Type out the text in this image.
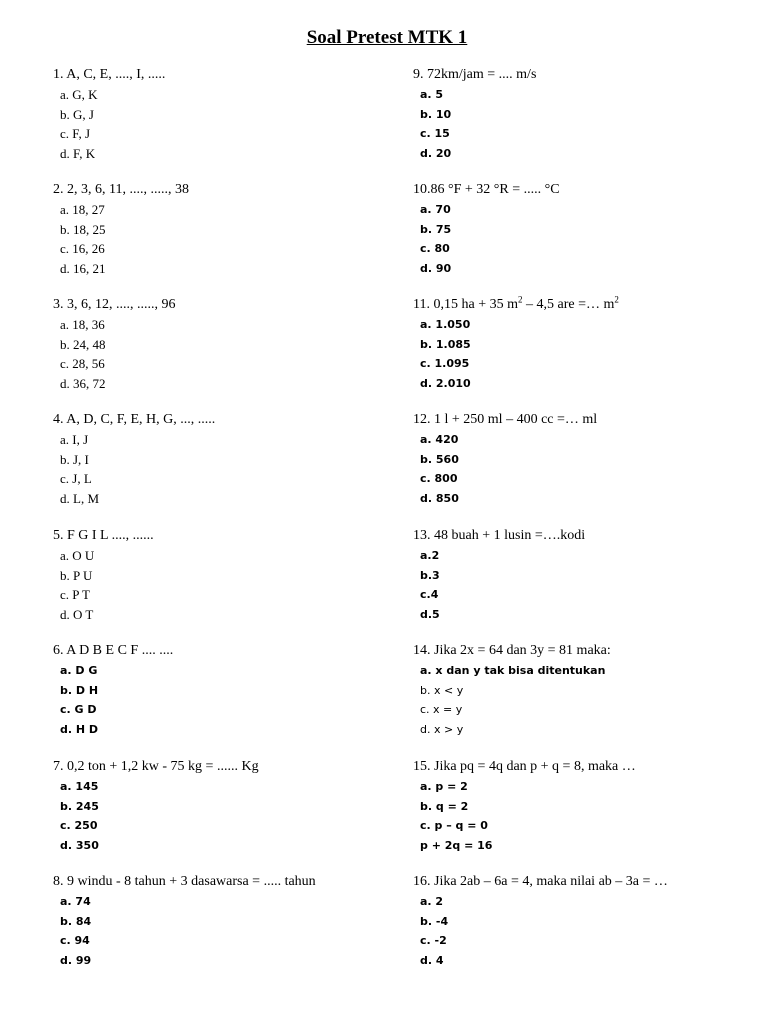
Soal Pretest MTK 1
1. A, C, E, ...., I, .....
a. G, K
b. G, J
c. F, J
d. F, K
2. 2, 3, 6, 11, ...., ....., 38
a. 18, 27
b. 18, 25
c. 16, 26
d. 16, 21
3. 3, 6, 12, ...., ....., 96
a. 18, 36
b. 24, 48
c. 28, 56
d. 36, 72
4. A, D, C, F, E, H, G, ..., .....
a. I, J
b. J, I
c. J, L
d. L, M
5. F G I L ...., ......
a. O U
b. P U
c. P T
d. O T
6. A D B E C F .... ....
a. D G
b. D H
c. G D
d. H D
7. 0,2 ton + 1,2 kw - 75 kg = ...... Kg
a. 145
b. 245
c. 250
d. 350
8. 9 windu - 8 tahun + 3 dasawarsa = ..... tahun
a. 74
b. 84
c. 94
d. 99
9. 72km/jam = .... m/s
a. 5
b. 10
c. 15
d. 20
10.86 °F + 32 °R = ..... °C
a. 70
b. 75
c. 80
d. 90
11. 0,15 ha + 35 $m^2 - 4,5$ are =… $m^2$
a. 1.050
b. 1.085
c. 1.095
d. 2.010
12. 1 l + 250 ml – 400 cc =… ml
a. 420
b. 560
c. 800
d. 850
13. 48 buah + 1 lusin =….kodi
a.2
b.3
c.4
d.5
14. Jika 2x = 64 dan 3y = 81 maka:
a. x dan y tak bisa ditentukan
b. x < y
c. x = y
d. x > y
15. Jika pq = 4q dan p + q = 8, maka …
a. p = 2
b. q = 2
c. p – q = 0
p + 2q = 16
16. Jika 2ab – 6a = 4, maka nilai ab – 3a = …
a. 2
b. -4
c. -2
d. 4
